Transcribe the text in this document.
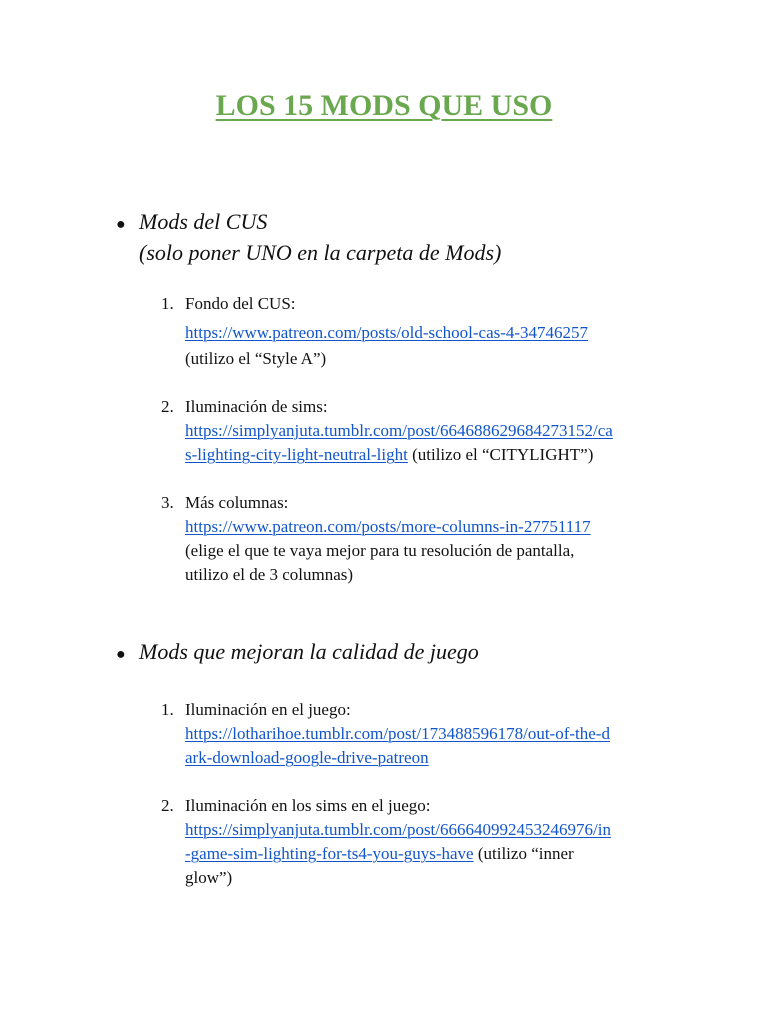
LOS 15 MODS QUE USO
● Mods del CUS
(solo poner UNO en la carpeta de Mods)
1. Fondo del CUS:
https://www.patreon.com/posts/old-school-cas-4-34746257
(utilizo el “Style A”)
2. Iluminación de sims:
https://simplyanjuta.tumblr.com/post/664688629684273152/ca
s-lighting-city-light-neutral-light (utilizo el “CITYLIGHT”)
3. Más columnas:
https://www.patreon.com/posts/more-columns-in-27751117
(elige el que te vaya mejor para tu resolución de pantalla,
utilizo el de 3 columnas)
● Mods que mejoran la calidad de juego
1. Iluminación en el juego:
https://lotharihoe.tumblr.com/post/173488596178/out-of-the-d
ark-download-google-drive-patreon
2. Iluminación en los sims en el juego:
https://simplyanjuta.tumblr.com/post/666640992453246976/in
-game-sim-lighting-for-ts4-you-guys-have (utilizo “inner
glow”)
